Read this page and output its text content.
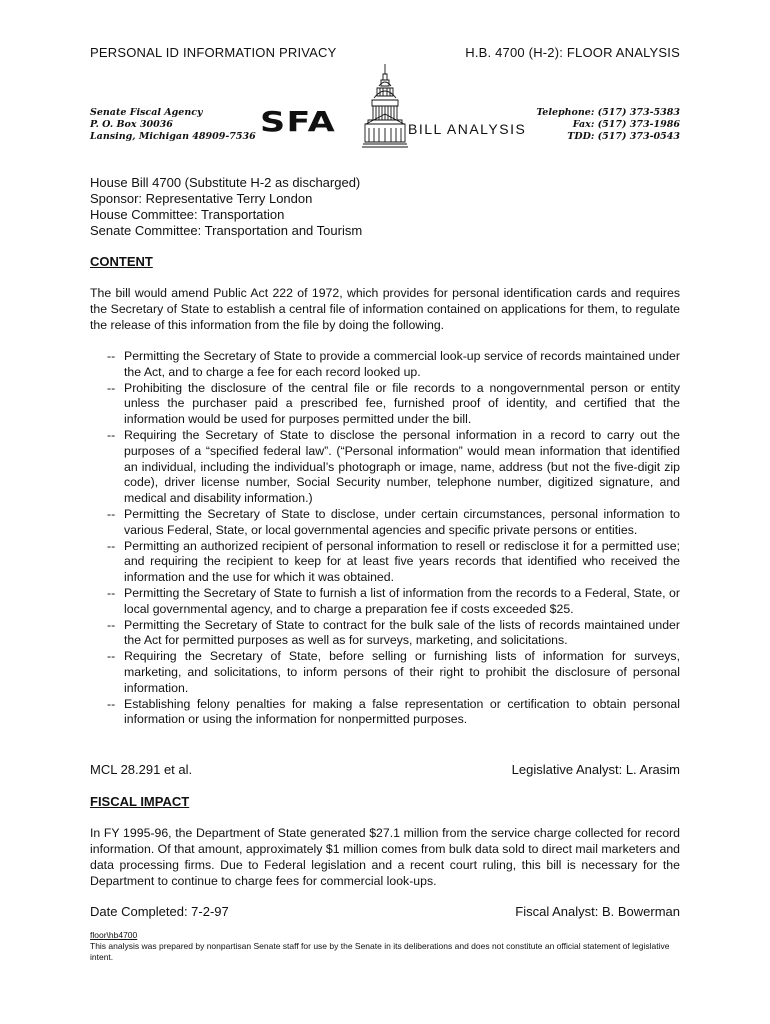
PERSONAL ID INFORMATION PRIVACY	H.B. 4700 (H-2): FLOOR ANALYSIS
Senate Fiscal Agency
P. O. Box 30036
Lansing, Michigan 48909-7536 SFA	BILL ANALYSIS
Telephone: (517) 373-5383
Fax: (517) 373-1986
TDD: (517) 373-0543
House Bill 4700 (Substitute H-2 as discharged)
Sponsor: Representative Terry London
House Committee: Transportation
Senate Committee: Transportation and Tourism
CONTENT
The bill would amend Public Act 222 of 1972, which provides for personal identification cards and requires the Secretary of State to establish a central file of information contained on applications for them, to regulate the release of this information from the file by doing the following.
-- Permitting the Secretary of State to provide a commercial look-up service of records maintained under the Act, and to charge a fee for each record looked up.
-- Prohibiting the disclosure of the central file or file records to a nongovernmental person or entity unless the purchaser paid a prescribed fee, furnished proof of identity, and certified that the information would be used for purposes permitted under the bill.
-- Requiring the Secretary of State to disclose the personal information in a record to carry out the purposes of a “specified federal law”. (“Personal information” would mean information that identified an individual, including the individual’s photograph or image, name, address (but not the five-digit zip code), driver license number, Social Security number, telephone number, digitized signature, and medical and disability information.)
-- Permitting the Secretary of State to disclose, under certain circumstances, personal information to various Federal, State, or local governmental agencies and specific private persons or entities.
-- Permitting an authorized recipient of personal information to resell or redisclose it for a permitted use; and requiring the recipient to keep for at least five years records that identified who received the information and the use for which it was obtained.
-- Permitting the Secretary of State to furnish a list of information from the records to a Federal, State, or local governmental agency, and to charge a preparation fee if costs exceeded $25.
-- Permitting the Secretary of State to contract for the bulk sale of the lists of records maintained under the Act for permitted purposes as well as for surveys, marketing, and solicitations.
-- Requiring the Secretary of State, before selling or furnishing lists of information for surveys, marketing, and solicitations, to inform persons of their right to prohibit the disclosure of personal information.
-- Establishing felony penalties for making a false representation or certification to obtain personal information or using the information for nonpermitted purposes.
MCL 28.291 et al.	Legislative Analyst: L. Arasim
FISCAL IMPACT
In FY 1995-96, the Department of State generated $27.1 million from the service charge collected for record information. Of that amount, approximately $1 million comes from bulk data sold to direct mail marketers and data processing firms. Due to Federal legislation and a recent court ruling, this bill is necessary for the Department to continue to charge fees for commercial look-ups.
Date Completed: 7-2-97	Fiscal Analyst: B. Bowerman
floor\hb4700
This analysis was prepared by nonpartisan Senate staff for use by the Senate in its deliberations and does not constitute an official statement of legislative intent.
